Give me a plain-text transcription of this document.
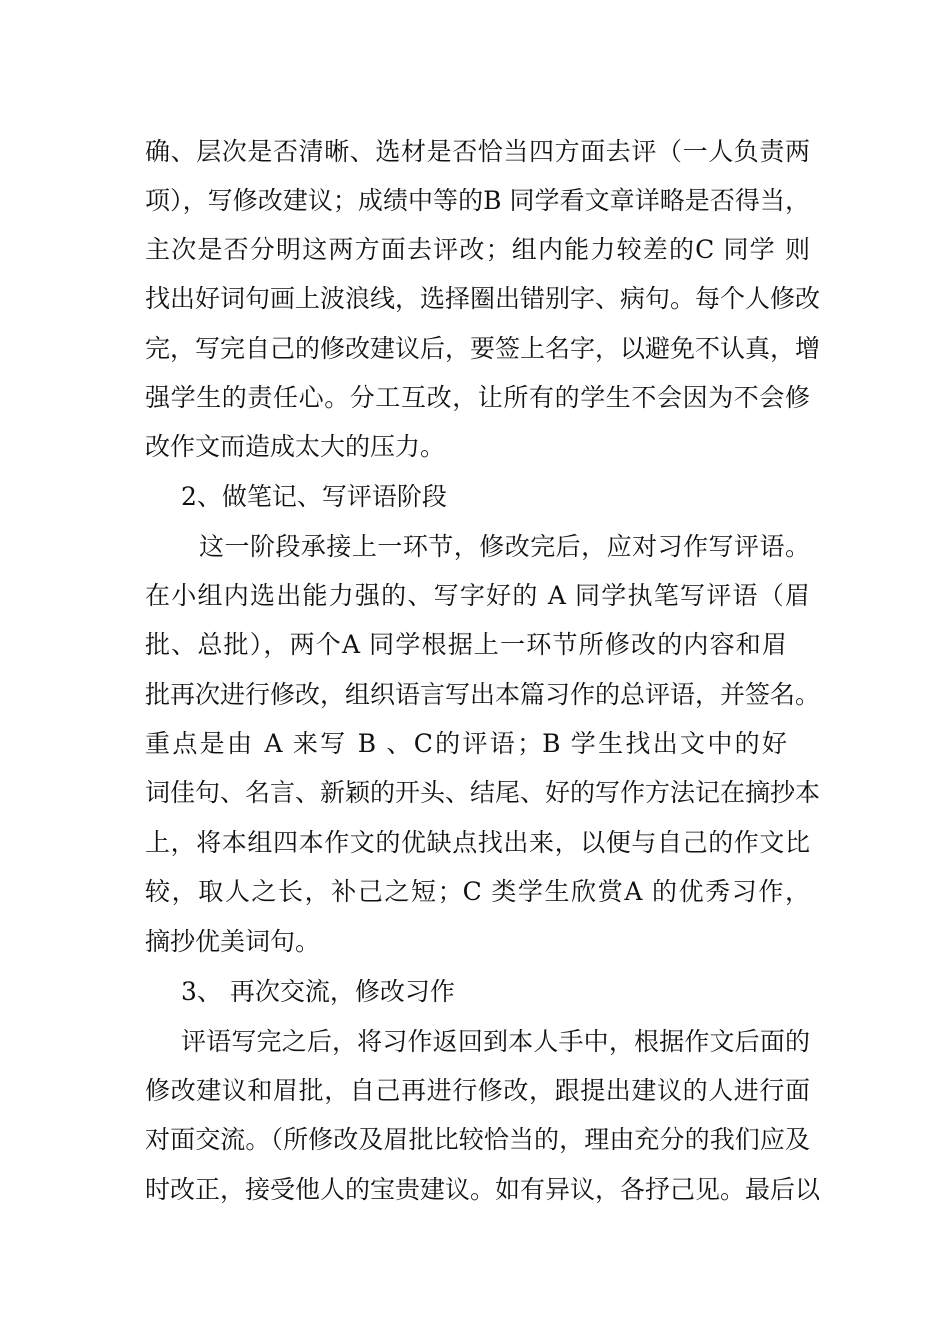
确、层次是否清晰、选材是否恰当四方面去评（一人负责两
项），写修改建议；成绩中等的B 同学看文章详略是否得当，
主次是否分明这两方面去评改；组内能力较差的C 同学 则
找出好词句画上波浪线，选择圈出错别字、病句。每个人修改
完，写完自己的修改建议后，要签上名字，以避免不认真，增
强学生的责任心。分工互改，让所有的学生不会因为不会修
改作文而造成太大的压力。
2、做笔记、写评语阶段
这一阶段承接上一环节，修改完后，应对习作写评语。
在小组内选出能力强的、写字好的 A 同学执笔写评语（眉
批、总批），两个A 同学根据上一环节所修改的内容和眉
批再次进行修改，组织语言写出本篇习作的总评语，并签名。
重点是由 A 来写 B 、C的评语；B 学生找出文中的好
词佳句、名言、新颖的开头、结尾、好的写作方法记在摘抄本
上，将本组四本作文的优缺点找出来，以便与自己的作文比
较，取人之长，补己之短；C 类学生欣赏A 的优秀习作，
摘抄优美词句。
3、 再次交流，修改习作
评语写完之后，将习作返回到本人手中，根据作文后面的
修改建议和眉批，自己再进行修改，跟提出建议的人进行面
对面交流。（所修改及眉批比较恰当的，理由充分的我们应及
时改正，接受他人的宝贵建议。如有异议，各抒己见。最后以
